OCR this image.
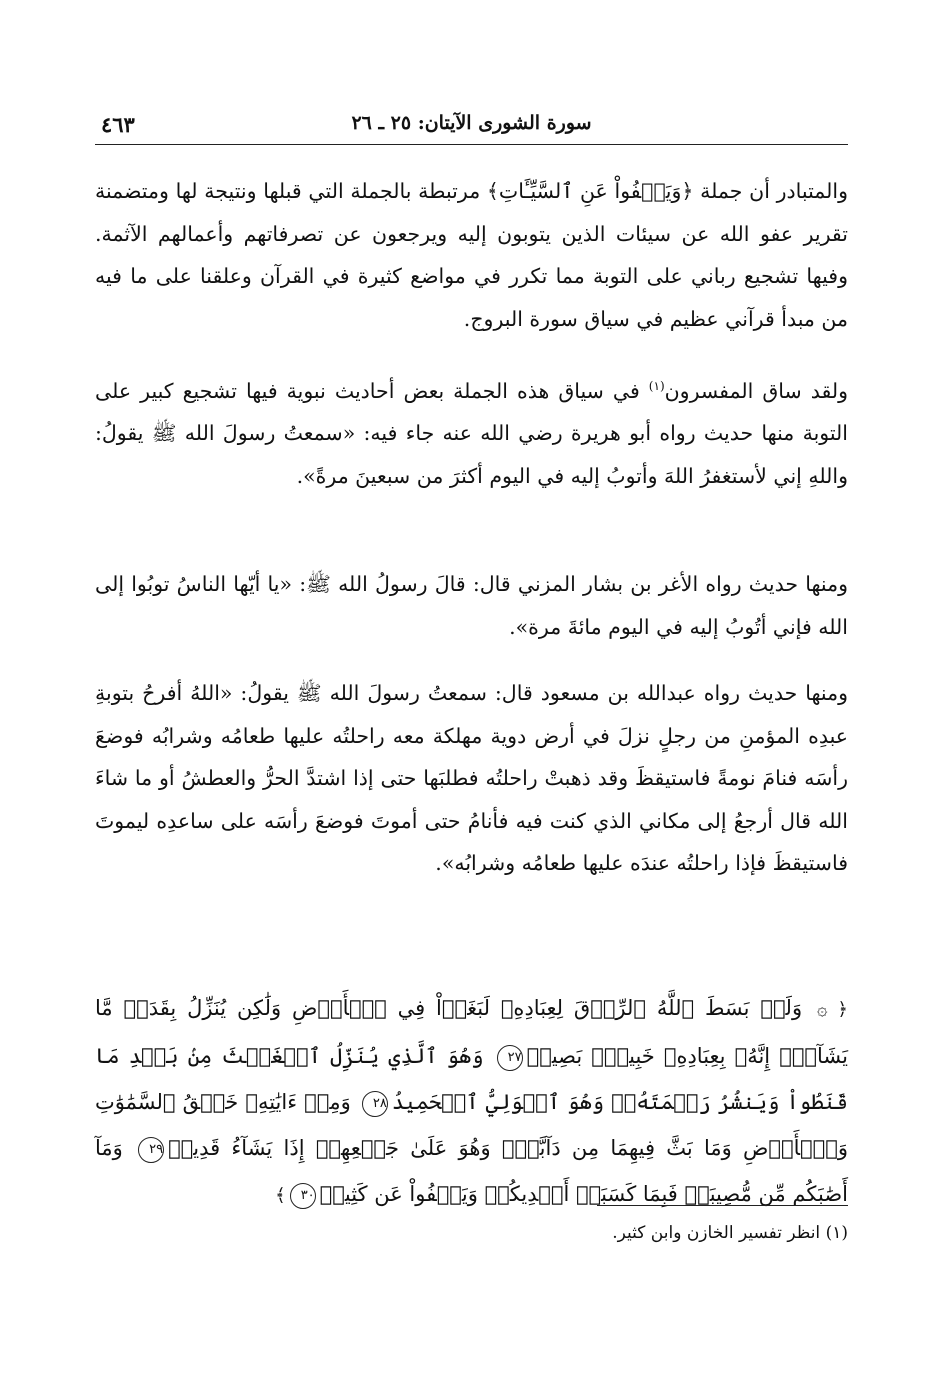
سورة الشورى الآيتان: ٢٥ ـ ٢٦
٤٦٣

والمتبادر أن جملة ﴿وَيَعۡفُواْ عَنِ ٱلسَّيِّـَٔاتِ﴾ مرتبطة بالجملة التي قبلها ونتيجة لها ومتضمنة تقرير عفو الله عن سيئات الذين يتوبون إليه ويرجعون عن تصرفاتهم وأعمالهم الآثمة. وفيها تشجيع رباني على التوبة مما تكرر في مواضع كثيرة في القرآن وعلقنا على ما فيه من مبدأ قرآني عظيم في سياق سورة البروج.

ولقد ساق المفسرون$^{(١)}$ في سياق هذه الجملة بعض أحاديث نبوية فيها تشجيع كبير على التوبة منها حديث رواه أبو هريرة رضي الله عنه جاء فيه: «سمعتُ رسولَ الله ﷺ يقولُ: واللهِ إني لأستغفرُ اللهَ وأتوبُ إليه في اليوم أكثرَ من سبعينَ مرةً».

ومنها حديث رواه الأغر بن بشار المزني قال: قالَ رسولُ الله ﷺ: «يا أيّها الناسُ توبُوا إلى الله فإني أتُوبُ إليه في اليوم مائةَ مرة».

ومنها حديث رواه عبدالله بن مسعود قال: سمعتُ رسولَ الله ﷺ يقولُ: «اللهُ أفرحُ بتوبةِ عبدِه المؤمنِ من رجلٍ نزلَ في أرض دوية مهلكة معه راحلتُه عليها طعامُه وشرابُه فوضعَ رأسَه فنامَ نومةً فاستيقظَ وقد ذهبتْ راحلتُه فطلبَها حتى إذا اشتدَّ الحرُّ والعطشُ أو ما شاءَ الله قال أرجعُ إلى مكاني الذي كنت فيه فأنامُ حتى أموتَ فوضعَ رأسَه على ساعدِه ليموتَ فاستيقظَ فإذا راحلتُه عندَه عليها طعامُه وشرابُه».

﴿ ۞ وَلَوۡ بَسَطَ ٱللَّهُ ٱلرِّزۡقَ لِعِبَادِهِۦ لَبَغَوۡاْ فِي ٱلۡأَرۡضِ وَلَٰكِن يُنَزِّلُ بِقَدَرٖ مَّا يَشَآءُۚ إِنَّهُۥ بِعِبَادِهِۦ خَبِيرُۢ بَصِيرٞ٢٧ وَهُوَ ٱلَّذِي يُنَزِّلُ ٱلۡغَيۡثَ مِنۢ بَعۡدِ مَا قَنَطُواْ وَيَنشُرُ رَحۡمَتَهُۥۚ وَهُوَ ٱلۡوَلِيُّ ٱلۡحَمِيدُ٢٨ وَمِنۡ ءَايَٰتِهِۦ خَلۡقُ ٱلسَّمَٰوَٰتِ وَٱلۡأَرۡضِ وَمَا بَثَّ فِيهِمَا مِن دَآبَّةٖۚ وَهُوَ عَلَىٰ جَمۡعِهِمۡ إِذَا يَشَآءُ قَدِيرٞ٢٩ وَمَآ أَصَٰبَكُم مِّن مُّصِيبَةٖ فَبِمَا كَسَبَتۡ أَيۡدِيكُمۡ وَيَعۡفُواْ عَن كَثِيرٖ٣٠﴾

(١) انظر تفسير الخازن وابن كثير.
